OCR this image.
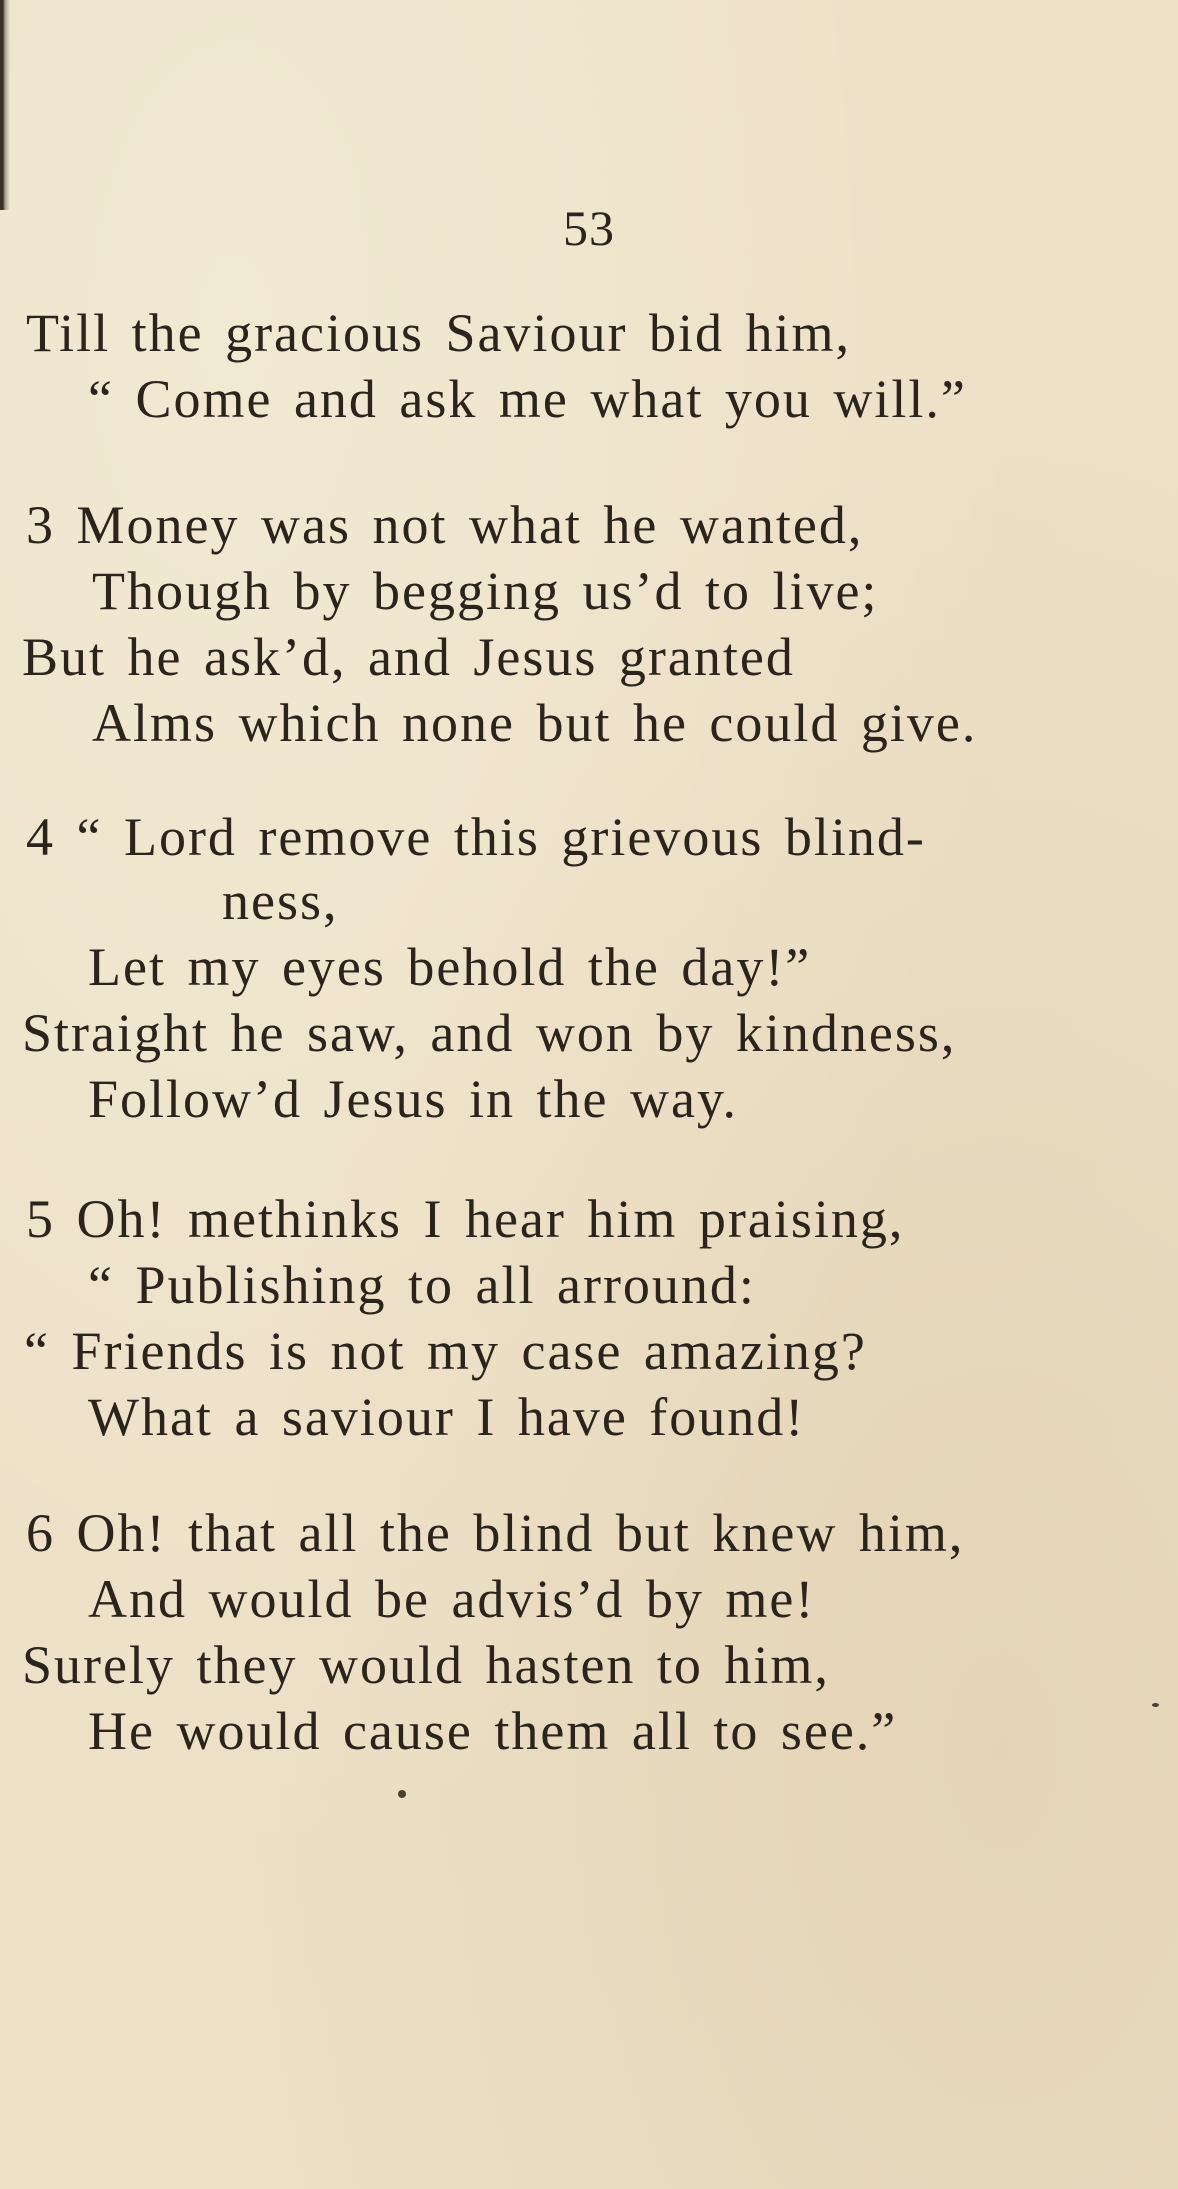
53
Till the gracious Saviour bid him,
“ Come and ask me what you will.”
3 Money was not what he wanted,
Though by begging us’d to live;
But he ask’d, and Jesus granted
Alms which none but he could give.
4 “ Lord remove this grievous blind-
ness,
Let my eyes behold the day!”
Straight he saw, and won by kindness,
Follow’d Jesus in the way.
5 Oh! methinks I hear him praising,
“ Publishing to all arround:
“ Friends is not my case amazing?
What a saviour I have found!
6 Oh! that all the blind but knew him,
And would be advis’d by me!
Surely they would hasten to him,
He would cause them all to see.”
